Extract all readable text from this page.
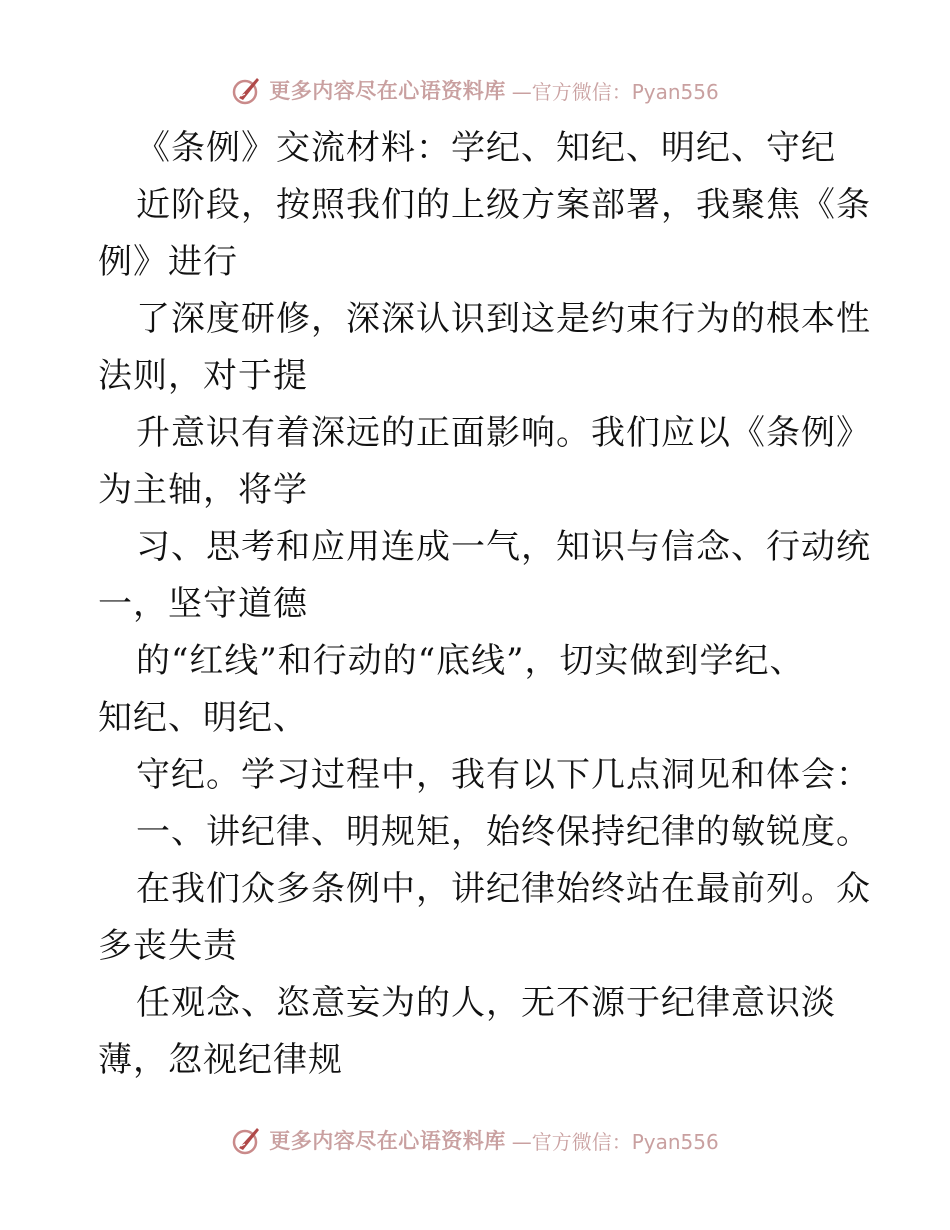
更多内容尽在心语资料库 —官方微信：Pyan556
《条例》交流材料：学纪、知纪、明纪、守纪
近阶段，按照我们的上级方案部署，我聚焦《条
例》进行
了深度研修，深深认识到这是约束行为的根本性
法则，对于提
升意识有着深远的正面影响。我们应以《条例》
为主轴，将学
习、思考和应用连成一气，知识与信念、行动统
一，坚守道德
的“红线”和行动的“底线”，切实做到学纪、
知纪、明纪、
守纪。学习过程中，我有以下几点洞见和体会：
一、讲纪律、明规矩，始终保持纪律的敏锐度。
在我们众多条例中，讲纪律始终站在最前列。众
多丧失责
任观念、恣意妄为的人，无不源于纪律意识淡
薄，忽视纪律规
更多内容尽在心语资料库 —官方微信：Pyan556
